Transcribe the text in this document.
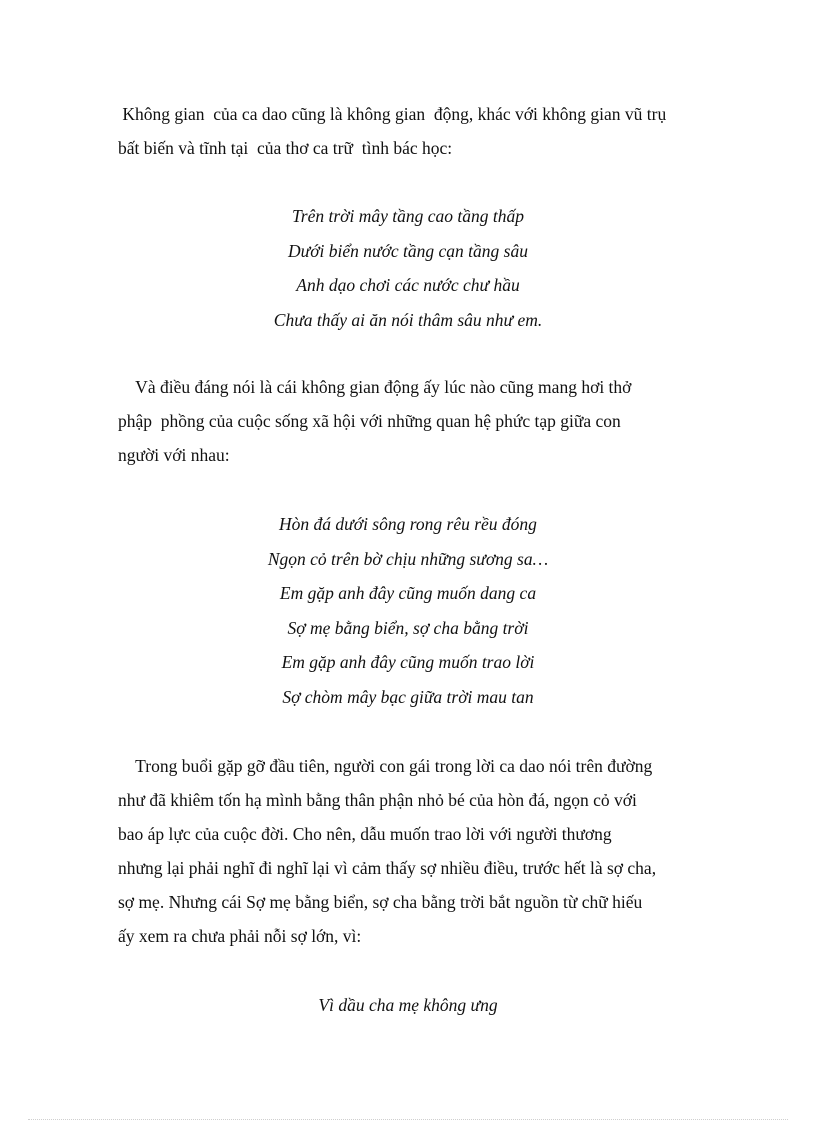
Không gian  của ca dao cũng là không gian  động, khác với không gian vũ trụ
bất biến và tĩnh tại  của thơ ca trữ  tình bác học:

Trên trời mây tầng cao tầng thấp
Dưới biển nước tầng cạn tầng sâu
Anh dạo chơi các nước chư hầu
Chưa thấy ai ăn nói thâm sâu như em.

Và điều đáng nói là cái không gian động ấy lúc nào cũng mang hơi thở
phập  phồng của cuộc sống xã hội với những quan hệ phức tạp giữa con
người với nhau:

Hòn đá dưới sông rong rêu rều đóng
Ngọn cỏ trên bờ chịu những sương sa…
Em gặp anh đây cũng muốn dang ca
Sợ mẹ bằng biển, sợ cha bằng trời
Em gặp anh đây cũng muốn trao lời
Sợ chòm mây bạc giữa trời mau tan

Trong buổi gặp gỡ đầu tiên, người con gái trong lời ca dao nói trên đường
như đã khiêm tốn hạ mình bằng thân phận nhỏ bé của hòn đá, ngọn cỏ với
bao áp lực của cuộc đời. Cho nên, dẫu muốn trao lời với người thương
nhưng lại phải nghĩ đi nghĩ lại vì cảm thấy sợ nhiều điều, trước hết là sợ cha,
sợ mẹ. Nhưng cái Sợ mẹ bằng biển, sợ cha bằng trời bắt nguồn từ chữ hiếu
ấy xem ra chưa phải nỗi sợ lớn, vì:

Vì dầu cha mẹ không ưng
